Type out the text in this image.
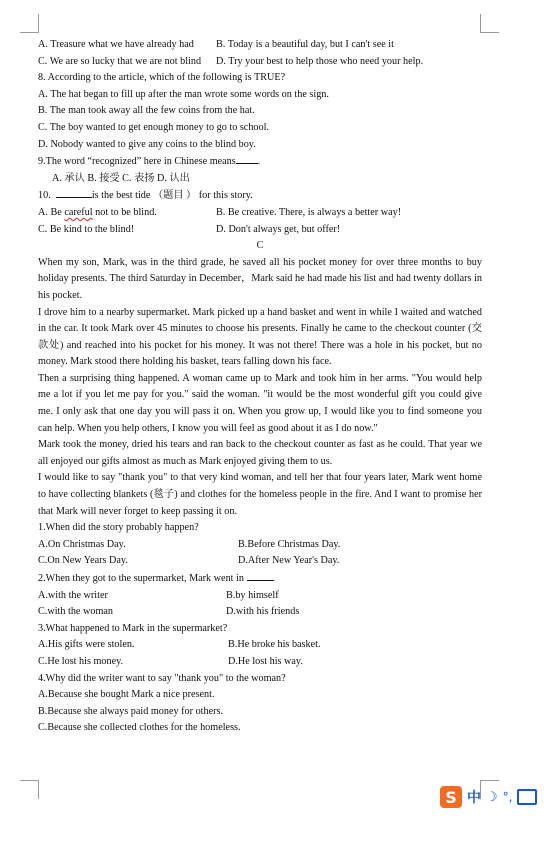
A. Treasure what we have already had	B. Today is a beautiful day, but I can't see it
C. We are so lucky that we are not blind	D. Try your best to help those who need your help.
8. According to the article, which of the following is TRUE?
A. The hat began to fill up after the man wrote some words on the sign.
B. The man took away all the few coins from the hat.
C. The boy wanted to get enough money to go to school.
D. Nobody wanted to give any coins to the blind boy.
9.The word “recognized” here in Chinese means .
A. 承认 B. 接受 C. 表扬 D. 认出
10.	is the best tide （题目 ） for this story.
A. Be careful not to be blind.	B. Be creative. There, is always a better way!
C. Be kind to the blind!	D. Don't always get, but offer!
C
When my son, Mark, was in the third grade, he saved all his pocket money for over three months to buy holiday presents. The third Saturday in December，Mark said he had made his list and had twenty dollars in his pocket.
I drove him to a nearby supermarket. Mark picked up a hand basket and went in while I waited and watched in the car. It took Mark over 45 minutes to choose his presents. Finally he came to the checkout counter (交款处) and reached into his pocket for his money. It was not there! There was a hole in his pocket, but no money. Mark stood there holding his basket, tears falling down his face.
Then a surprising thing happened. A woman came up to Mark and took him in her arms. "You would help me a lot if you let me pay for you." said the woman. "it would be the most wonderful gift you could give me. I only ask that one day you will pass it on. When you grow up, I would like you to find someone you can help. When you help others, I know you will feel as good about it as I do now."
Mark took the money, dried his tears and ran back to the checkout counter as fast as he could. That year we all enjoyed our gifts almost as much as Mark enjoyed giving them to us.
I would like to say "thank you" to that very kind woman, and tell her that four years later, Mark went home to have collecting blankets (毯子) and clothes for the homeless people in the fire. And I want to promise her that Mark will never forget to keep passing it on.
1.When did the story probably happen?
A.On Christmas Day.	B.Before Christmas Day.
C.On New Years Day.	D.After New Year's Day.
2.When they got to the supermarket, Mark went in	.
A.with the writer	B.by himself
C.with the woman	D.with his friends
3.What happened to Mark in the supermarket?
A.His gifts were stolen.	B.He broke his basket.
C.He lost his money.	D.He lost his way.
4.Why did the writer want to say "thank you" to the woman?
A.Because she bought Mark a nice present.
B.Because she always paid money for others.
C.Because she collected clothes for the homeless.
S 中 ☽ °,
